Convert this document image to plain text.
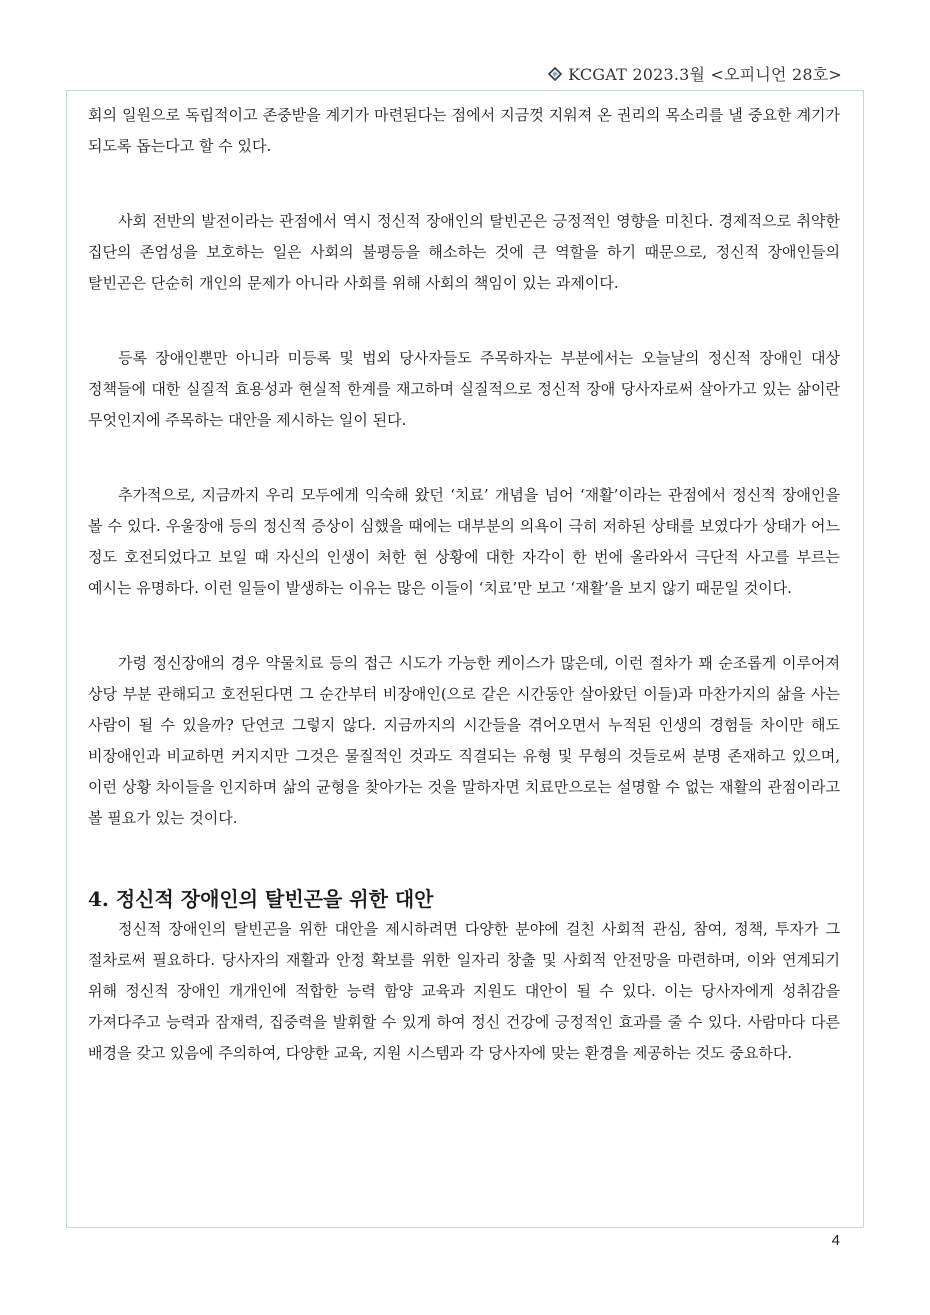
KCGAT 2023.3월 <오피니언 28호>

회의 일원으로 독립적이고 존중받을 계기가 마련된다는 점에서 지금껏 지워져 온 권리의 목소리를 낼 중요한 계기가 되도록 돕는다고 할 수 있다.

사회 전반의 발전이라는 관점에서 역시 정신적 장애인의 탈빈곤은 긍정적인 영향을 미친다. 경제적으로 취약한 집단의 존엄성을 보호하는 일은 사회의 불평등을 해소하는 것에 큰 역할을 하기 때문으로, 정신적 장애인들의 탈빈곤은 단순히 개인의 문제가 아니라 사회를 위해 사회의 책임이 있는 과제이다.

등록 장애인뿐만 아니라 미등록 및 법외 당사자들도 주목하자는 부분에서는 오늘날의 정신적 장애인 대상 정책들에 대한 실질적 효용성과 현실적 한계를 재고하며 실질적으로 정신적 장애 당사자로써 살아가고 있는 삶이란 무엇인지에 주목하는 대안을 제시하는 일이 된다.

추가적으로, 지금까지 우리 모두에게 익숙해 왔던 ‘치료’ 개념을 넘어 ‘재활’이라는 관점에서 정신적 장애인을 볼 수 있다. 우울장애 등의 정신적 증상이 심했을 때에는 대부분의 의욕이 극히 저하된 상태를 보였다가 상태가 어느 정도 호전되었다고 보일 때 자신의 인생이 처한 현 상황에 대한 자각이 한 번에 올라와서 극단적 사고를 부르는 예시는 유명하다. 이런 일들이 발생하는 이유는 많은 이들이 ‘치료’만 보고 ‘재활’을 보지 않기 때문일 것이다.

가령 정신장애의 경우 약물치료 등의 접근 시도가 가능한 케이스가 많은데, 이런 절차가 꽤 순조롭게 이루어져 상당 부분 관해되고 호전된다면 그 순간부터 비장애인(으로 같은 시간동안 살아왔던 이들)과 마찬가지의 삶을 사는 사람이 될 수 있을까? 단연코 그렇지 않다. 지금까지의 시간들을 겪어오면서 누적된 인생의 경험들 차이만 해도 비장애인과 비교하면 커지지만 그것은 물질적인 것과도 직결되는 유형 및 무형의 것들로써 분명 존재하고 있으며, 이런 상황 차이들을 인지하며 삶의 균형을 찾아가는 것을 말하자면 치료만으로는 설명할 수 없는 재활의 관점이라고 볼 필요가 있는 것이다.

4. 정신적 장애인의 탈빈곤을 위한 대안

정신적 장애인의 탈빈곤을 위한 대안을 제시하려면 다양한 분야에 걸친 사회적 관심, 참여, 정책, 투자가 그 절차로써 필요하다. 당사자의 재활과 안정 확보를 위한 일자리 창출 및 사회적 안전망을 마련하며, 이와 연계되기 위해 정신적 장애인 개개인에 적합한 능력 함양 교육과 지원도 대안이 될 수 있다. 이는 당사자에게 성취감을 가져다주고 능력과 잠재력, 집중력을 발휘할 수 있게 하여 정신 건강에 긍정적인 효과를 줄 수 있다. 사람마다 다른 배경을 갖고 있음에 주의하여, 다양한 교육, 지원 시스템과 각 당사자에 맞는 환경을 제공하는 것도 중요하다.

4
